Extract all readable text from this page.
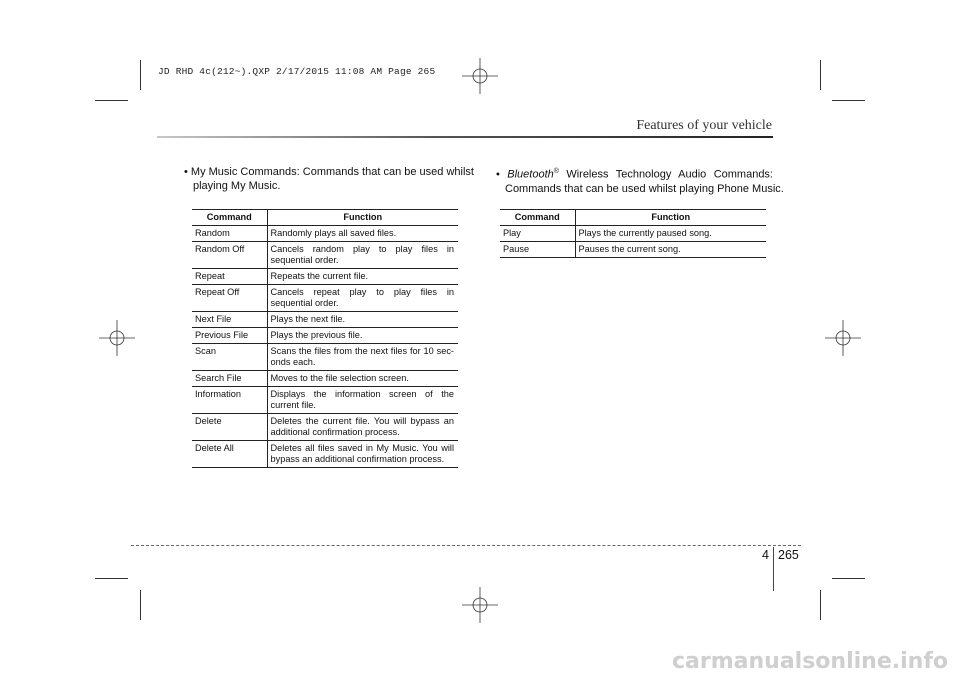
JD RHD 4c(212~).QXP 2/17/2015 11:08 AM Page 265
Features of your vehicle
• My Music Commands: Commands that can be used whilst
playing My Music.
Command	Function
Random	Randomly plays all saved files.
Random Off	Cancels random play to play files in sequential order.
Repeat	Repeats the current file.
Repeat Off	Cancels repeat play to play files in sequential order.
Next File	Plays the next file.
Previous File	Plays the previous file.
Scan	Scans the files from the next files for 10 sec-onds each.
Search File	Moves to the file selection screen.
Information	Displays the information screen of the current file.
Delete	Deletes the current file. You will bypass an additional confirmation process.
Delete All	Deletes all files saved in My Music. You will bypass an additional confirmation process.
• Bluetooth® Wireless Technology Audio Commands:
Commands that can be used whilst playing Phone Music.
Command	Function
Play	Plays the currently paused song.
Pause	Pauses the current song.
4 265
carmanualsonline.info
